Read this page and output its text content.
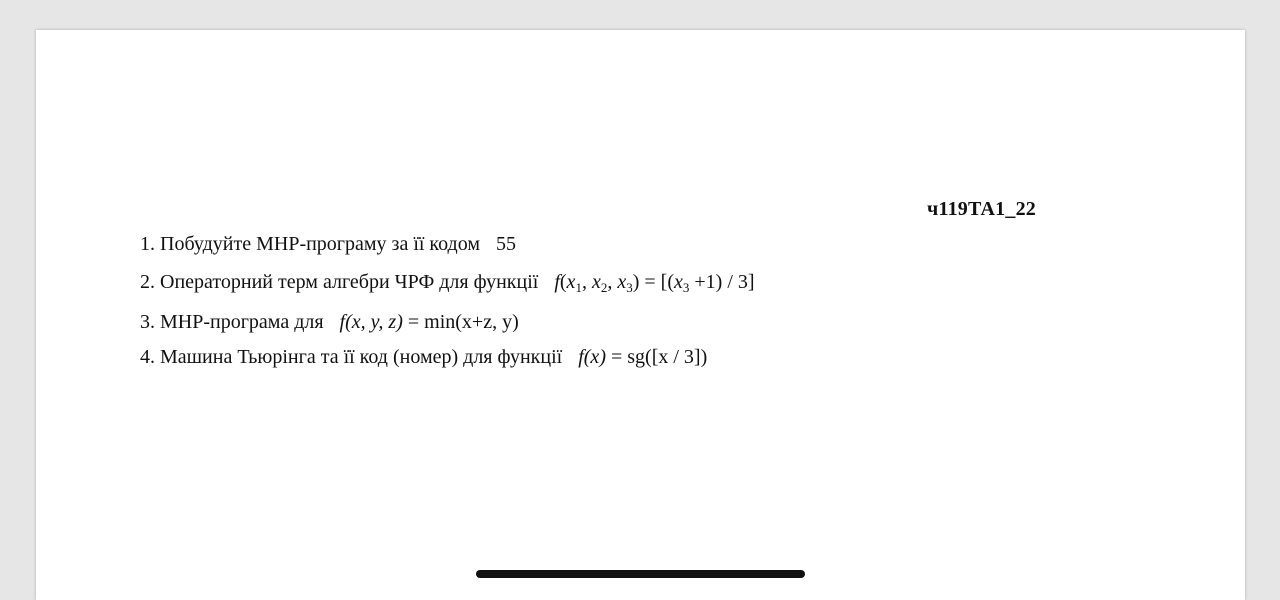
ч119ТА1_22
1. Побудуйте МНР-програму за її кодом 55
2. Операторний терм алгебри ЧРФ для функції $f(x_1$, $x_2$, $x_3) = [(x_3 +1) / 3]$
3. МНР-програма для f(x, y, z) = min(x+z, y)
4. Машина Тьюрінга та її код (номер) для функції f(x) = sg([x / 3])
